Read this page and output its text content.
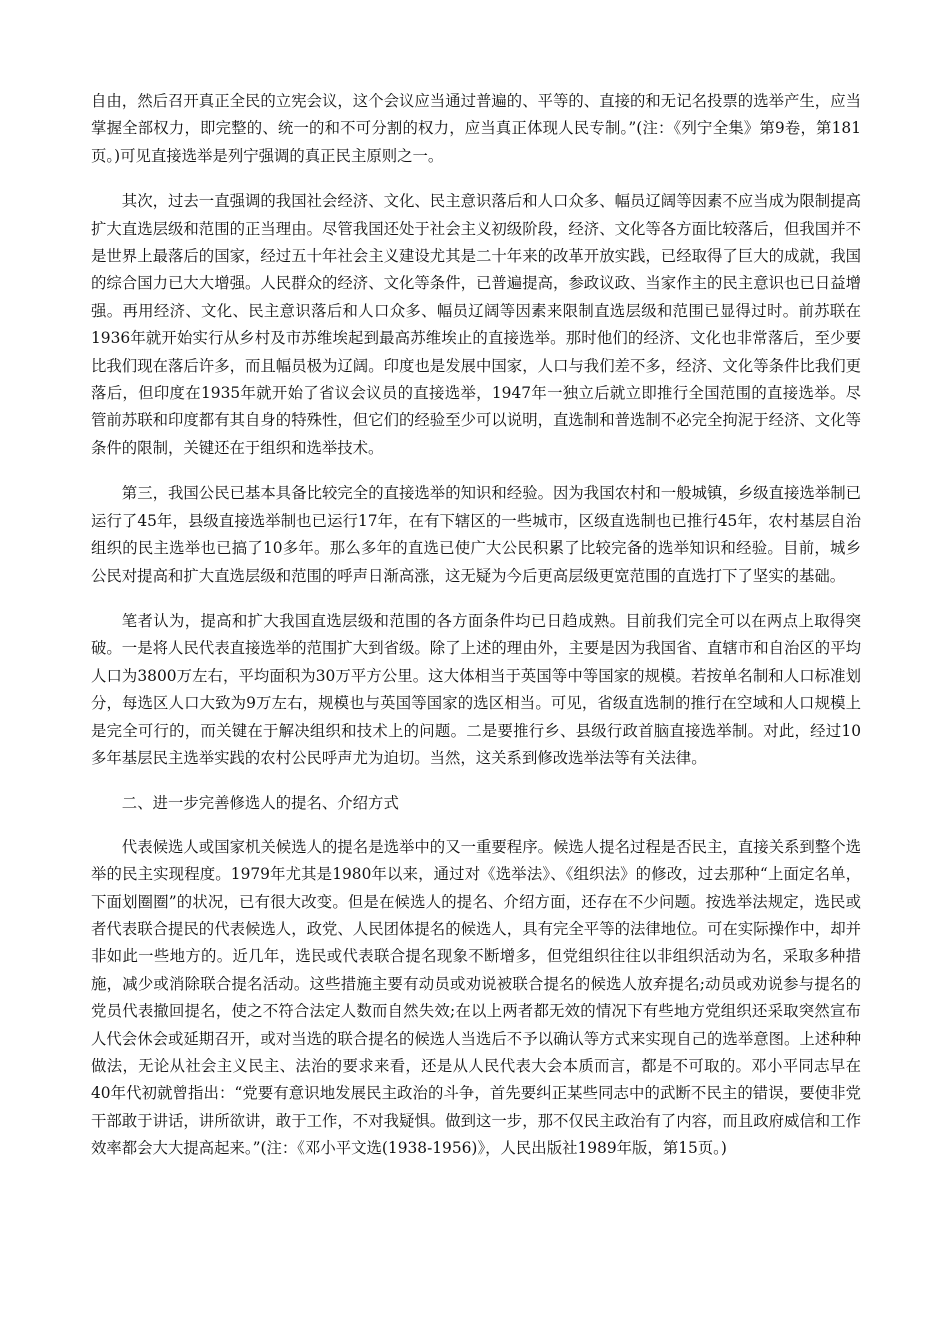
自由，然后召开真正全民的立宪会议，这个会议应当通过普遍的、平等的、直接的和无记名投票的选举产生，应当掌握全部权力，即完整的、统一的和不可分割的权力，应当真正体现人民专制。”(注：《列宁全集》第9卷，第181页。)可见直接选举是列宁强调的真正民主原则之一。

其次，过去一直强调的我国社会经济、文化、民主意识落后和人口众多、幅员辽阔等因素不应当成为限制提高扩大直选层级和范围的正当理由。尽管我国还处于社会主义初级阶段，经济、文化等各方面比较落后，但我国并不是世界上最落后的国家，经过五十年社会主义建设尤其是二十年来的改革开放实践，已经取得了巨大的成就，我国的综合国力已大大增强。人民群众的经济、文化等条件，已普遍提高，参政议政、当家作主的民主意识也已日益增强。再用经济、文化、民主意识落后和人口众多、幅员辽阔等因素来限制直选层级和范围已显得过时。前苏联在1936年就开始实行从乡村及市苏维埃起到最高苏维埃止的直接选举。那时他们的经济、文化也非常落后，至少要比我们现在落后许多，而且幅员极为辽阔。印度也是发展中国家，人口与我们差不多，经济、文化等条件比我们更落后，但印度在1935年就开始了省议会议员的直接选举，1947年一独立后就立即推行全国范围的直接选举。尽管前苏联和印度都有其自身的特殊性，但它们的经验至少可以说明，直选制和普选制不必完全拘泥于经济、文化等条件的限制，关键还在于组织和选举技术。

第三，我国公民已基本具备比较完全的直接选举的知识和经验。因为我国农村和一般城镇，乡级直接选举制已运行了45年，县级直接选举制也已运行17年，在有下辖区的一些城市，区级直选制也已推行45年，农村基层自治组织的民主选举也已搞了10多年。那么多年的直选已使广大公民积累了比较完备的选举知识和经验。目前，城乡公民对提高和扩大直选层级和范围的呼声日渐高涨，这无疑为今后更高层级更宽范围的直选打下了坚实的基础。

笔者认为，提高和扩大我国直选层级和范围的各方面条件均已日趋成熟。目前我们完全可以在两点上取得突破。一是将人民代表直接选举的范围扩大到省级。除了上述的理由外，主要是因为我国省、直辖市和自治区的平均人口为3800万左右，平均面积为30万平方公里。这大体相当于英国等中等国家的规模。若按单名制和人口标准划分，每选区人口大致为9万左右，规模也与英国等国家的选区相当。可见，省级直选制的推行在空域和人口规模上是完全可行的，而关键在于解决组织和技术上的问题。二是要推行乡、县级行政首脑直接选举制。对此，经过10多年基层民主选举实践的农村公民呼声尤为迫切。当然，这关系到修改选举法等有关法律。

二、进一步完善修选人的提名、介绍方式

代表候选人或国家机关候选人的提名是选举中的又一重要程序。候选人提名过程是否民主，直接关系到整个选举的民主实现程度。1979年尤其是1980年以来，通过对《选举法》、《组织法》的修改，过去那种“上面定名单，下面划圈圈”的状况，已有很大改变。但是在候选人的提名、介绍方面，还存在不少问题。按选举法规定，选民或者代表联合提民的代表候选人，政党、人民团体提名的候选人，具有完全平等的法律地位。可在实际操作中，却并非如此一些地方的。近几年，选民或代表联合提名现象不断增多，但党组织往往以非组织活动为名，采取多种措施，减少或消除联合提名活动。这些措施主要有动员或劝说被联合提名的候选人放弃提名;动员或劝说参与提名的党员代表撤回提名，使之不符合法定人数而自然失效;在以上两者都无效的情况下有些地方党组织还采取突然宣布人代会休会或延期召开，或对当选的联合提名的候选人当选后不予以确认等方式来实现自己的选举意图。上述种种做法，无论从社会主义民主、法治的要求来看，还是从人民代表大会本质而言，都是不可取的。邓小平同志早在40年代初就曾指出：“党要有意识地发展民主政治的斗争，首先要纠正某些同志中的武断不民主的错误，要使非党干部敢于讲话，讲所欲讲，敢于工作，不对我疑惧。做到这一步，那不仅民主政治有了内容，而且政府威信和工作效率都会大大提高起来。”(注：《邓小平文选(1938-1956)》，人民出版社1989年版，第15页。)
